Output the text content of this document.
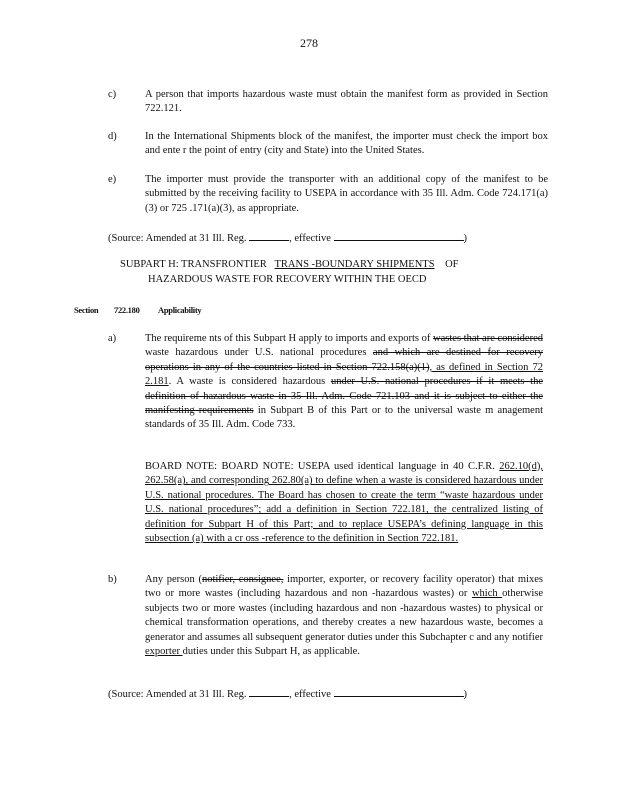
278
c)	A person that imports hazardous waste must obtain the manifest form as provided in Section 722.121.
d)	In the International Shipments block of the manifest, the importer must check the import box and ente r the point of entry (city and State) into the United States.
e)	The importer must provide the transporter with an additional copy of the manifest to be submitted by the receiving facility to USEPA in accordance with 35 Ill. Adm. Code 724.171(a)(3) or 725 .171(a)(3), as appropriate.
(Source: Amended at 31 Ill. Reg.	, effective	)
SUBPART H: TRANSFRONTIER TRANS -BOUNDARY SHIPMENTS OF
HAZARDOUS WASTE FOR RECOVERY WITHIN THE OECD
Section 722.180 Applicability
a)	The requireme nts of this Subpart H apply to imports and exports of wastes that are considered waste hazardous under U.S. national procedures and which are destined for recovery operations in any of the countries listed in Section 722.158(a)(1), as defined in Section 72 2.181. A waste is considered hazardous under U.S. national procedures if it meets the definition of hazardous waste in 35 Ill. Adm. Code 721.103 and it is subject to either the manifesting requirements in Subpart B of this Part or to the universal waste m anagement standards of 35 Ill. Adm. Code 733.
BOARD NOTE: BOARD NOTE: USEPA used identical language in 40 C.F.R. 262.10(d), 262.58(a), and corresponding 262.80(a) to define when a waste is considered hazardous under U.S. national procedures. The Board has chosen to create the term “waste hazardous under U.S. national procedures”; add a definition in Section 722.181, the centralized listing of definition for Subpart H of this Part; and to replace USEPA’s defining language in this subsection (a) with a cr oss -reference to the definition in Section 722.181.
b)	Any person (notifier, consignee, importer, exporter, or recovery facility operator) that mixes two or more wastes (including hazardous and non -hazardous wastes) or which otherwise subjects two or more wastes (including hazardous and non -hazardous wastes) to physical or chemical transformation operations, and thereby creates a new hazardous waste, becomes a generator and assumes all subsequent generator duties under this Subchapter c and any notifier exporter duties under this Subpart H, as applicable.
(Source: Amended at 31 Ill. Reg.	, effective	)
